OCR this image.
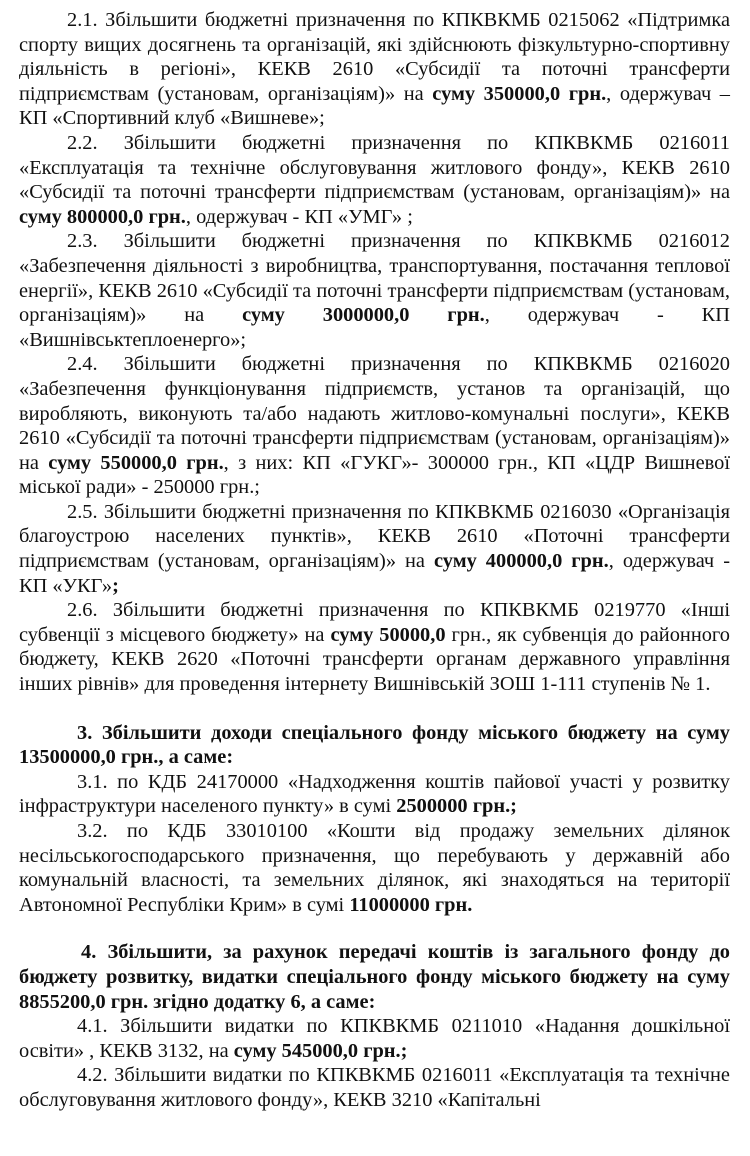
2.1. Збільшити бюджетні призначення по КПКВКМБ 0215062 «Підтримка спорту вищих досягнень та організацій, які здійснюють фізкультурно-спортивну діяльність в регіоні», КЕКВ 2610 «Субсидії та поточні трансферти підприємствам (установам, організаціям)» на суму 350000,0 грн., одержувач – КП «Спортивний клуб «Вишневе»;

2.2. Збільшити бюджетні призначення по КПКВКМБ 0216011 «Експлуатація та технічне обслуговування житлового фонду», КЕКВ 2610 «Субсидії та поточні трансферти підприємствам (установам, організаціям)» на суму 800000,0 грн., одержувач - КП «УМГ» ;

2.3. Збільшити бюджетні призначення по КПКВКМБ 0216012 «Забезпечення діяльності з виробництва, транспортування, постачання теплової енергії», КЕКВ 2610 «Субсидії та поточні трансферти підприємствам (установам, організаціям)» на суму 3000000,0 грн., одержувач - КП «Вишнівськтеплоенерго»;

2.4. Збільшити бюджетні призначення по КПКВКМБ 0216020 «Забезпечення функціонування підприємств, установ та організацій, що виробляють, виконують та/або надають житлово-комунальні послуги», КЕКВ 2610 «Субсидії та поточні трансферти підприємствам (установам, організаціям)» на суму 550000,0 грн., з них: КП «ГУКГ»- 300000 грн., КП «ЦДР Вишневої міської ради» - 250000 грн.;

2.5. Збільшити бюджетні призначення по КПКВКМБ 0216030 «Організація благоустрою населених пунктів», КЕКВ 2610 «Поточні трансферти підприємствам (установам, організаціям)» на суму 400000,0 грн., одержувач - КП «УКГ»;

2.6. Збільшити бюджетні призначення по КПКВКМБ 0219770 «Інші субвенції з місцевого бюджету» на суму 50000,0 грн., як субвенція до районного бюджету, КЕКВ 2620 «Поточні трансферти органам державного управління інших рівнів» для проведення інтернету Вишнівській ЗОШ 1-111 ступенів № 1.

3. Збільшити доходи спеціального фонду міського бюджету на суму 13500000,0 грн., а саме:

3.1. по КДБ 24170000 «Надходження коштів пайової участі у розвитку інфраструктури населеного пункту» в сумі 2500000 грн.;

3.2. по КДБ 33010100 «Кошти від продажу земельних ділянок несільськогосподарського призначення, що перебувають у державній або комунальній власності, та земельних ділянок, які знаходяться на території Автономної Республіки Крим» в сумі 11000000 грн.

4. Збільшити, за рахунок передачі коштів із загального фонду до бюджету розвитку, видатки спеціального фонду міського бюджету на суму 8855200,0 грн. згідно додатку 6, а саме:

4.1. Збільшити видатки по КПКВКМБ 0211010 «Надання дошкільної освіти» , КЕКВ 3132, на суму 545000,0 грн.;

4.2. Збільшити видатки по КПКВКМБ 0216011 «Експлуатація та технічне обслуговування житлового фонду», КЕКВ 3210 «Капітальні
